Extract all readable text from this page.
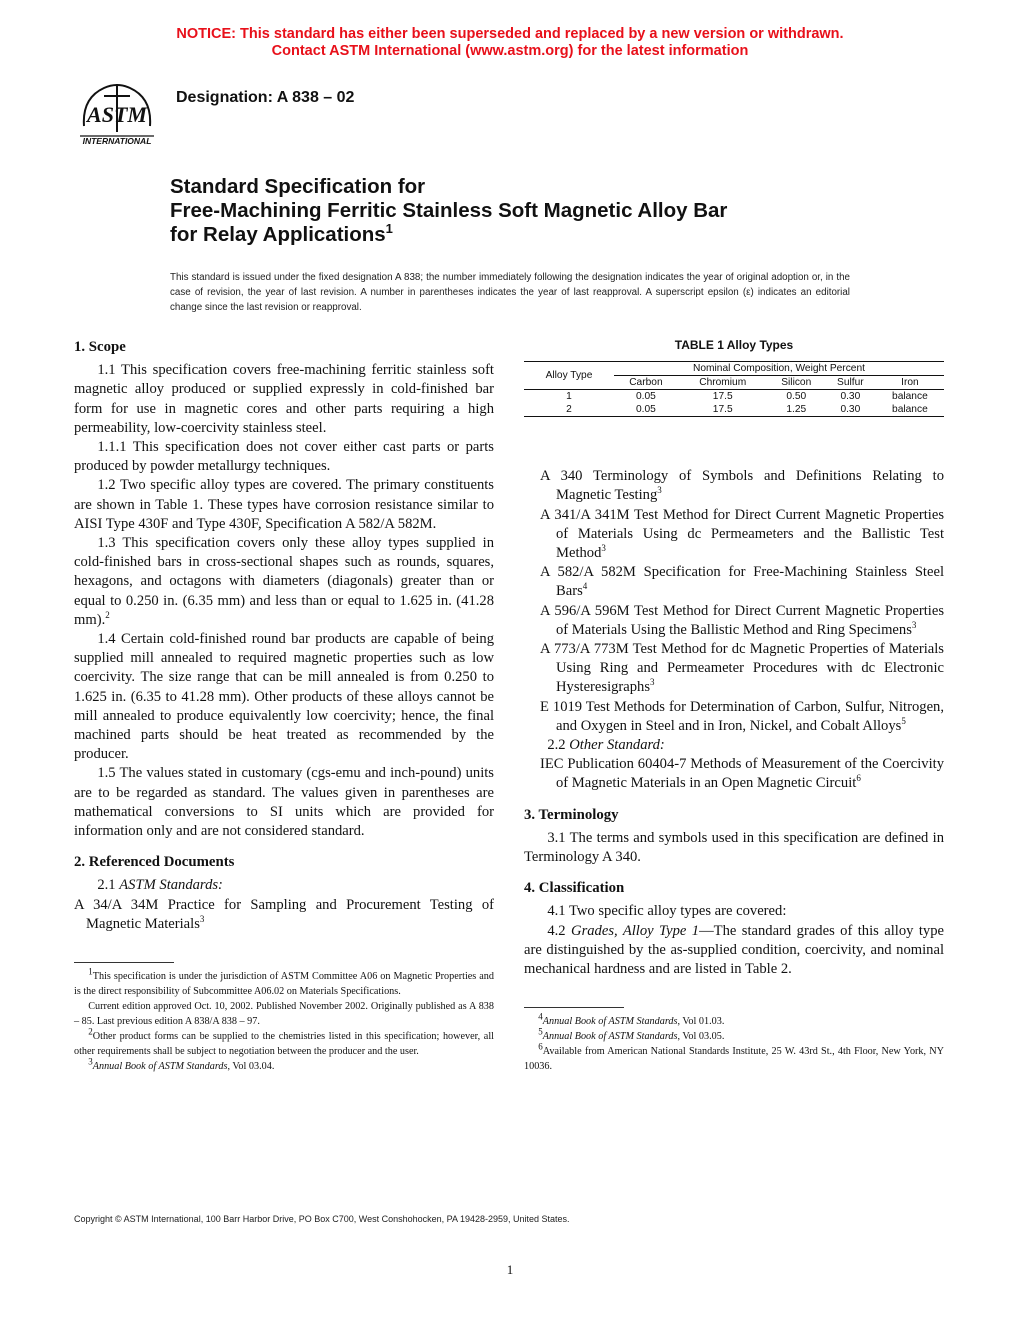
NOTICE: This standard has either been superseded and replaced by a new version or withdrawn.
Contact ASTM International (www.astm.org) for the latest information
ASTM
INTERNATIONAL
Designation: A 838 – 02
Standard Specification for
Free-Machining Ferritic Stainless Soft Magnetic Alloy Bar
for Relay Applications$^1$
This standard is issued under the fixed designation A 838; the number immediately following the designation indicates the year of original adoption or, in the case of revision, the year of last revision. A number in parentheses indicates the year of last reapproval. A superscript epsilon (ε) indicates an editorial change since the last revision or reapproval.

1. Scope

1.1 This specification covers free-machining ferritic stainless soft magnetic alloy produced or supplied expressly in cold-finished bar form for use in magnetic cores and other parts requiring a high permeability, low-coercivity stainless steel.

1.1.1 This specification does not cover either cast parts or parts produced by powder metallurgy techniques.

1.2 Two specific alloy types are covered. The primary constituents are shown in Table 1. These types have corrosion resistance similar to AISI Type 430F and Type 430F, Specification A 582/A 582M.

1.3 This specification covers only these alloy types supplied in cold-finished bars in cross-sectional shapes such as rounds, squares, hexagons, and octagons with diameters (diagonals) greater than or equal to 0.250 in. (6.35 mm) and less than or equal to 1.625 in. (41.28 mm).$^2$

1.4 Certain cold-finished round bar products are capable of being supplied mill annealed to required magnetic properties such as low coercivity. The size range that can be mill annealed is from 0.250 to 1.625 in. (6.35 to 41.28 mm). Other products of these alloys cannot be mill annealed to produce equivalently low coercivity; hence, the final machined parts should be heat treated as recommended by the producer.

1.5 The values stated in customary (cgs-emu and inch-pound) units are to be regarded as standard. The values given in parentheses are mathematical conversions to SI units which are provided for information only and are not considered standard.

2. Referenced Documents

2.1 ASTM Standards:

A 34/A 34M Practice for Sampling and Procurement Testing of Magnetic Materials$^3$

$^1$This specification is under the jurisdiction of ASTM Committee A06 on Magnetic Properties and is the direct responsibility of Subcommittee A06.02 on Materials Specifications.

Current edition approved Oct. 10, 2002. Published November 2002. Originally published as A 838 – 85. Last previous edition A 838/A 838 – 97.

$^2$Other product forms can be supplied to the chemistries listed in this specification; however, all other requirements shall be subject to negotiation between the producer and the user.

$^3$Annual Book of ASTM Standards, Vol 03.04.

TABLE 1 Alloy Types

Alloy Type	Nominal Composition, Weight Percent				
	Carbon	Chromium	Silicon	Sulfur	Iron
1	0.05	17.5	0.50	0.30	balance
2	0.05	17.5	1.25	0.30	balance

A 340 Terminology of Symbols and Definitions Relating to Magnetic Testing$^3$

A 341/A 341M Test Method for Direct Current Magnetic Properties of Materials Using dc Permeameters and the Ballistic Test Method$^3$

A 582/A 582M Specification for Free-Machining Stainless Steel Bars$^4$

A 596/A 596M Test Method for Direct Current Magnetic Properties of Materials Using the Ballistic Method and Ring Specimens$^3$

A 773/A 773M Test Method for dc Magnetic Properties of Materials Using Ring and Permeameter Procedures with dc Electronic Hysteresigraphs$^3$

E 1019 Test Methods for Determination of Carbon, Sulfur, Nitrogen, and Oxygen in Steel and in Iron, Nickel, and Cobalt Alloys$^5$

2.2 Other Standard:

IEC Publication 60404-7 Methods of Measurement of the Coercivity of Magnetic Materials in an Open Magnetic Circuit$^6$

3. Terminology

3.1 The terms and symbols used in this specification are defined in Terminology A 340.

4. Classification

4.1 Two specific alloy types are covered:

4.2 Grades, Alloy Type 1—The standard grades of this alloy type are distinguished by the as-supplied condition, coercivity, and nominal mechanical hardness and are listed in Table 2.

$^4$Annual Book of ASTM Standards, Vol 01.03.

$^5$Annual Book of ASTM Standards, Vol 03.05.

$^6$Available from American National Standards Institute, 25 W. 43rd St., 4th Floor, New York, NY 10036.

Copyright © ASTM International, 100 Barr Harbor Drive, PO Box C700, West Conshohocken, PA 19428-2959, United States.
1
